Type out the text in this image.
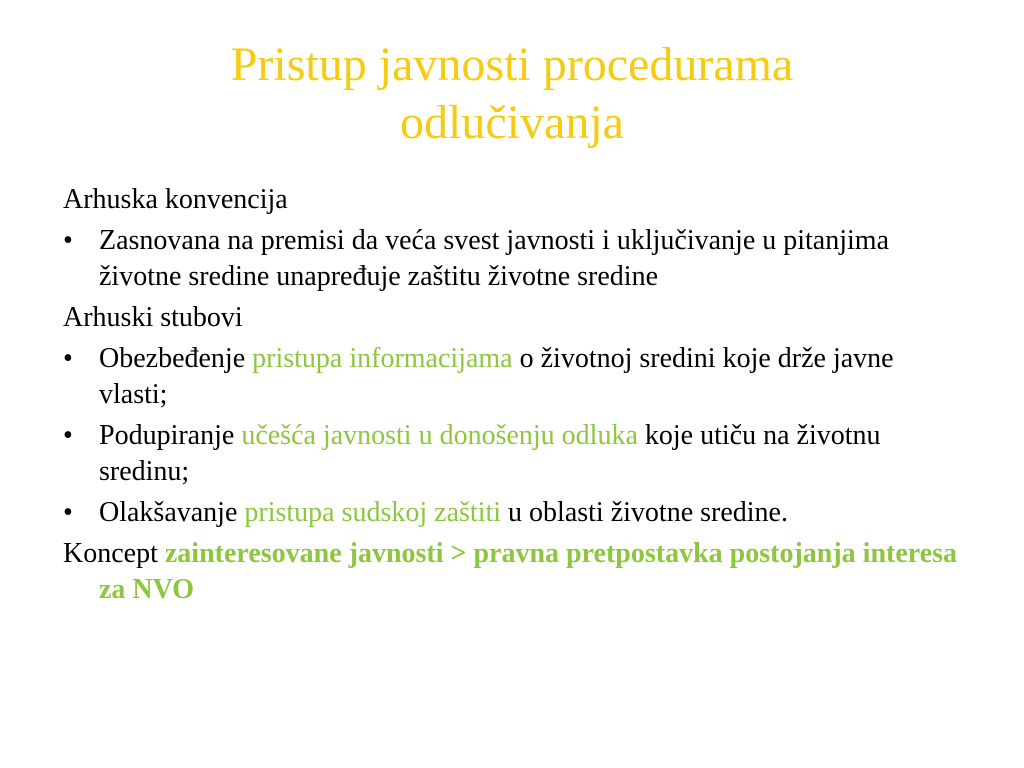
Pristup javnosti procedurama
odlučivanja

Arhuska konvencija

• Zasnovana na premisi da veća svest javnosti i uključivanje u pitanjima životne sredine unapređuje zaštitu životne sredine

Arhuski stubovi

• Obezbeđenje pristupa informacijama o životnoj sredini koje drže javne vlasti;
• Podupiranje učešća javnosti u donošenju odluka koje utiču na životnu sredinu;
• Olakšavanje pristupa sudskoj zaštiti u oblasti životne sredine.

Koncept zainteresovane javnosti > pravna pretpostavka postojanja interesa za NVO
